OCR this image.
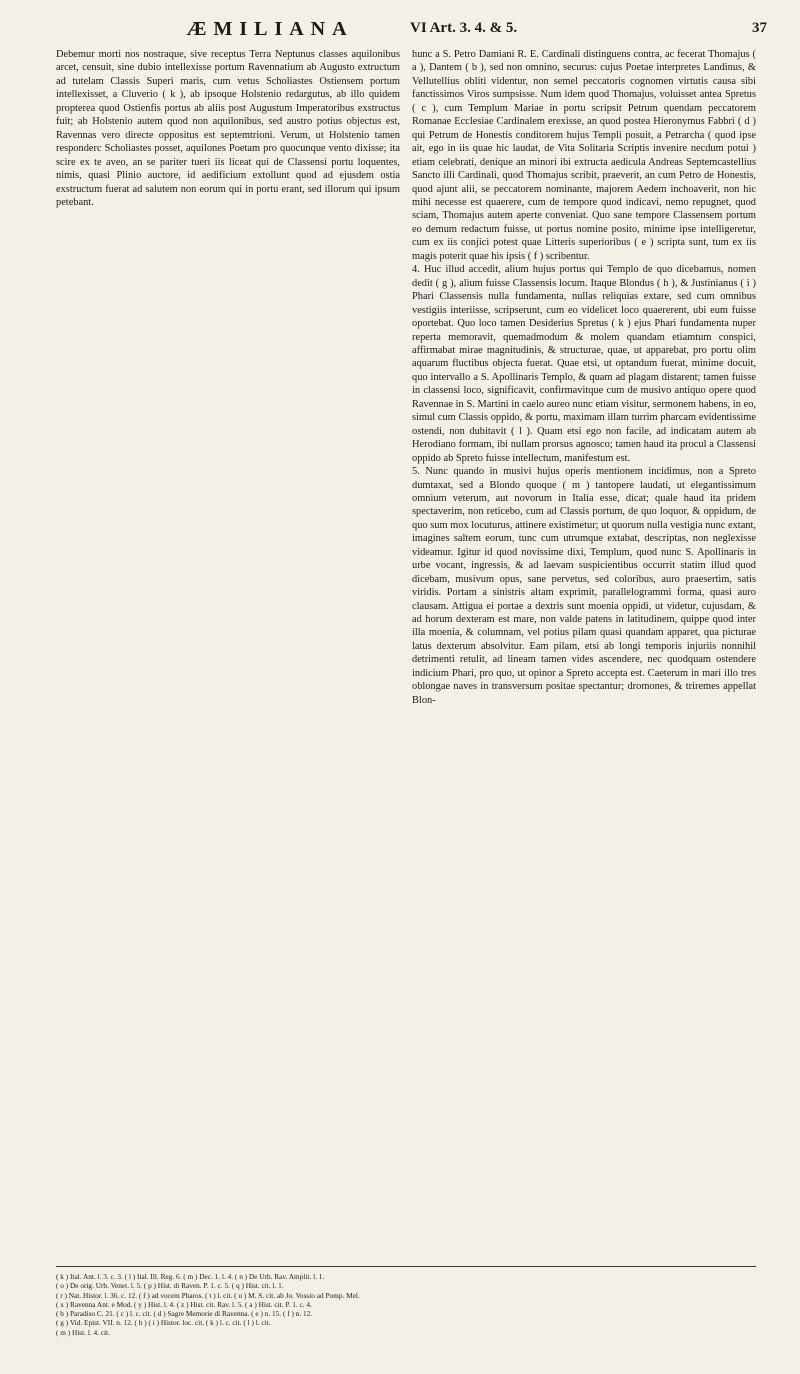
ÆMILIANA	VI Art. 3. 4. & 5.	37

Debemur morti nos nostraque, sive receptus Terra Neptunus classes aquilonibus arcet, censuit, sine dubio intellexisse portum Ravennatium ab Augusto extructum ad tutelam Classis Superi maris, cum vetus Scholiastes Ostiensem portum intellexisset, a Cluverio ( k ), ab ipsoque Holstenio redargutus, ab illo quidem propterea quod Ostienfis portus ab aliis post Augustum Imperatoribus exstructus fuit; ab Holstenio autem quod non aquilonibus, sed austro potius objectus est, Ravennas vero directe oppositus est septemtrioni. Verum, ut Holstenio tamen responderc Scholiastes posset, aquilones Poetam pro quocunque vento dixisse; ita scire ex te aveo, an se pariter tueri iis liceat qui de Classensi portu loquentes, nimis, quasi Plinio auctore, id aedificium extollunt quod ad ejusdem ostia exstructum fuerat ad salutem non eorum qui in portu erant, sed illorum qui ipsum petebant.

hunc a S. Petro Damiani R. E. Cardinali distinguens contra, ac fecerat Thomajus ( a ), Dantem ( b ), sed non omnino, securus: cujus Poetae interpretes Landinus, & Vellutellius obliti videntur, non semel peccatoris cognomen virtutis causa sibi fanctissimos Viros sumpsisse. Num idem quod Thomajus, voluisset antea Spretus ( c ), cum Templum Mariae in portu scripsit Petrum quendam peccatorem Romanae Ecclesiae Cardinalem erexisse, an quod postea Hieronymus Fabbri ( d ) qui Petrum de Honestis conditorem hujus Templi posuit, a Petrarcha ( quod ipse ait, ego in iis quae hic laudat, de Vita Solitaria Scriptis invenire necdum potui ) etiam celebrati, denique an minori ibi extructa aedicula Andreas Septemcastellius Sancto illi Cardinali, quod Thomajus scribit, praeverit, an cum Petro de Honestis, quod ajunt alii, se peccatorem nominante, majorem Aedem inchoaverit, non hic mihi necesse est quaerere, cum de tempore quod indicavi, nemo repugnet, quod sciam, Thomajus autem aperte conveniat. Quo sane tempore Classensem portum eo demum redactum fuisse, ut portus nomine posito, minime ipse intelligeretur, cum ex iis conjici potest quae Litteris superioribus ( e ) scripta sunt, tum ex iis magis poterit quae his ipsis ( f ) scribentur.

4. Huc illud accedit, alium hujus portus qui Templo de quo dicebamus, nomen dedit ( g ), alium fuisse Classensis locum. Itaque Blondus ( h ), & Justinianus ( i ) Phari Classensis nulla fundamenta, nullas reliquias extare, sed cum omnibus vestigiis interiisse, scripserunt, cum eo videlicet loco quaererent, ubi eum fuisse oportebat. Quo loco tamen Desiderius Spretus ( k ) ejus Phari fundamenta nuper reperta memoravit, quemadmodum & molem quandam etiamtum conspici, affirmabat mirae magnitudinis, & structurae, quae, ut apparebat, pro portu olim aquarum fluctibus objecta fuerat. Quae etsi, ut optandum fuerat, minime docuit, quo intervallo a S. Apollinaris Templo, & quam ad plagam distarent; tamen fuisse in classensi loco, significavit, confirmavitque cum de musivo antiquo opere quod Ravennae in S. Martini in caelo aureo nunc etiam visitur, sermonem habens, in eo, simul cum Classis oppido, & portu, maximam illam turrim pharcam evidentissime ostendi, non dubitavit ( l ). Quam etsi ego non facile, ad indicatam autem ab Herodiano formam, ibi nullam prorsus agnosco; tamen haud ita procul a Classensi oppido ab Spreto fuisse intellectum, manifestum est.

5. Nunc quando in musivi hujus operis mentionem incidimus, non a Spreto dumtaxat, sed a Blondo quoque ( m ) tantopere laudati, ut elegantissimum omnium veterum, aut novorum in Italia esse, dicat; quale haud ita pridem spectaverim, non reticebo, cum ad Classis portum, de quo loquor, & oppidum, de quo sum mox locuturus, attinere existimetur; ut quorum nulla vestigia nunc extant, imagines saltem eorum, tunc cum utrumque extabat, descriptas, non neglexisse videamur. Igitur id quod novissime dixi, Templum, quod nunc S. Apollinaris in urbe vocant, ingressis, & ad laevam suspicientibus occurrit statim illud quod dicebam, musivum opus, sane pervetus, sed coloribus, auro praesertim, satis viridis. Portam a sinistris altam exprimit, parallelogrammi forma, quasi auro clausam. Attigua ei portae a dextris sunt moenia oppidi, ut videtur, cujusdam, & ad horum dexteram est mare, non valde patens in latitudinem, quippe quod inter illa moenia, & columnam, vel potius pilam quasi quandam apparet, qua picturae latus dexterum absolvitur. Eam pilam, etsi ab longi temporis injuriis nonnihil detrimenti retulit, ad lineam tamen vides ascendere, nec quodquam ostendere indicium Phari, pro quo, ut opinor a Spreto accepta est. Caeterum in mari illo tres oblongae naves in transversum positae spectantur; dromones, & triremes appellat Blon-

( k ) Ital. Ant. l. 3. c. 3. ( l ) Ital. Ill. Reg. 6. ( m ) Dec. 1. l. 4. ( n ) De Urb. Rav. Amplit. l. 1.
( o ) De orig. Urb. Venet. l. 5. ( p ) Hist. di Raven. P. 1. c. 5. ( q ) Hist. cit. l. 1.
( r ) Nat. Histor. l. 36. c. 12. ( f ) ad vocem Pharos. ( t ) l. cit. ( u ) M. S. cit. ab Jo. Vossio ad Pomp. Mel.
( x ) Ravenna Ant. e Mod. ( y ) Hist. l. 4. ( z ) Hist. cit. Rav. l. 5. ( a ) Hist. cit. P. 1. c. 4.
( b ) Paradiso C. 21. ( c ) l. c. cit. ( d ) Sagre Memorie di Ravenna. ( e ) n. 15. ( f ) n. 12.
( g ) Vid. Epist. VII. n. 12. ( h ) ( i ) Histor. loc. cit. ( k ) l. c. cit. ( l ) l. cit.
( m ) Hist. l. 4. cit.
